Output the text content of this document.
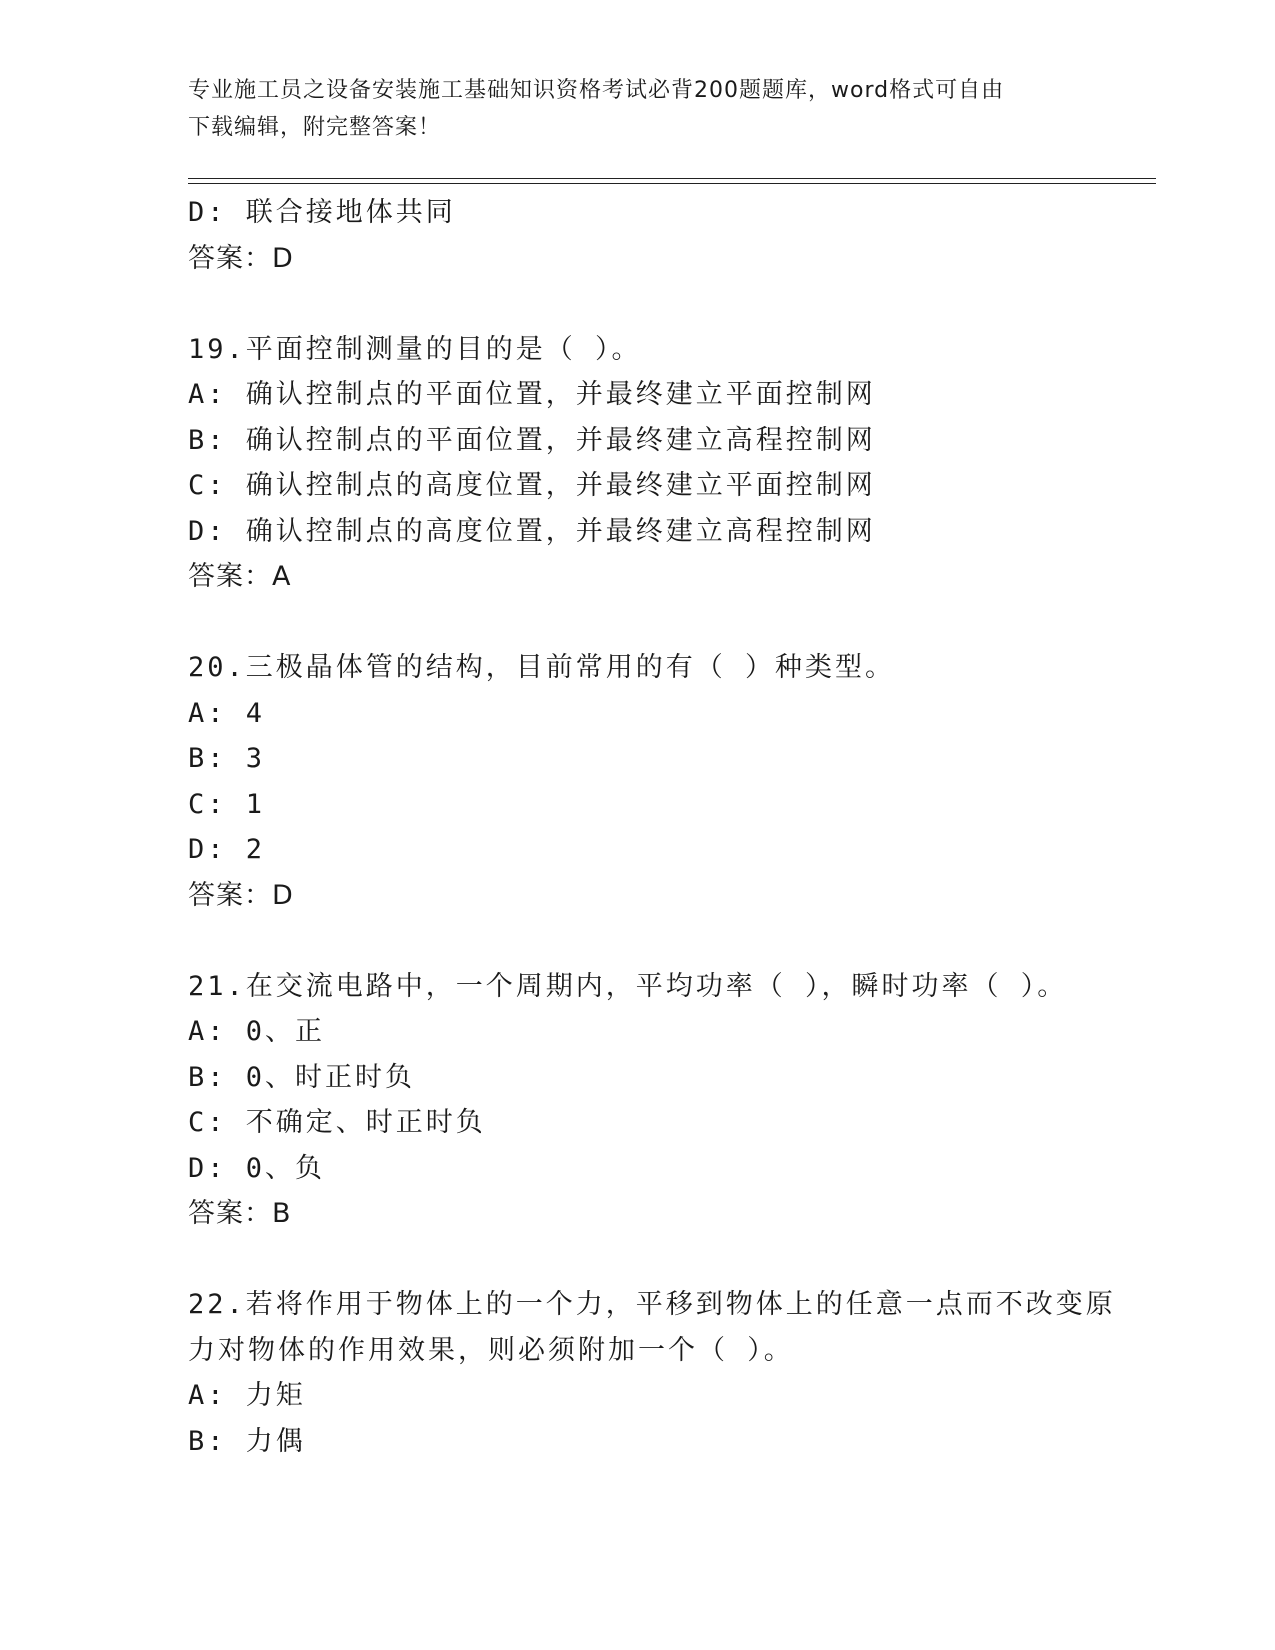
专业施工员之设备安装施工基础知识资格考试必背200题题库，word格式可自由
下载编辑，附完整答案！
D: 联合接地体共同
答案：D
19.平面控制测量的目的是（ ）。
A: 确认控制点的平面位置，并最终建立平面控制网
B: 确认控制点的平面位置，并最终建立高程控制网
C: 确认控制点的高度位置，并最终建立平面控制网
D: 确认控制点的高度位置，并最终建立高程控制网
答案：A
20.三极晶体管的结构，目前常用的有（ ）种类型。
A: 4
B: 3
C: 1
D: 2
答案：D
21.在交流电路中，一个周期内，平均功率（ ），瞬时功率（ ）。
A: 0、正
B: 0、时正时负
C: 不确定、时正时负
D: 0、负
答案：B
22.若将作用于物体上的一个力，平移到物体上的任意一点而不改变原
力对物体的作用效果，则必须附加一个（ ）。
A: 力矩
B: 力偶
